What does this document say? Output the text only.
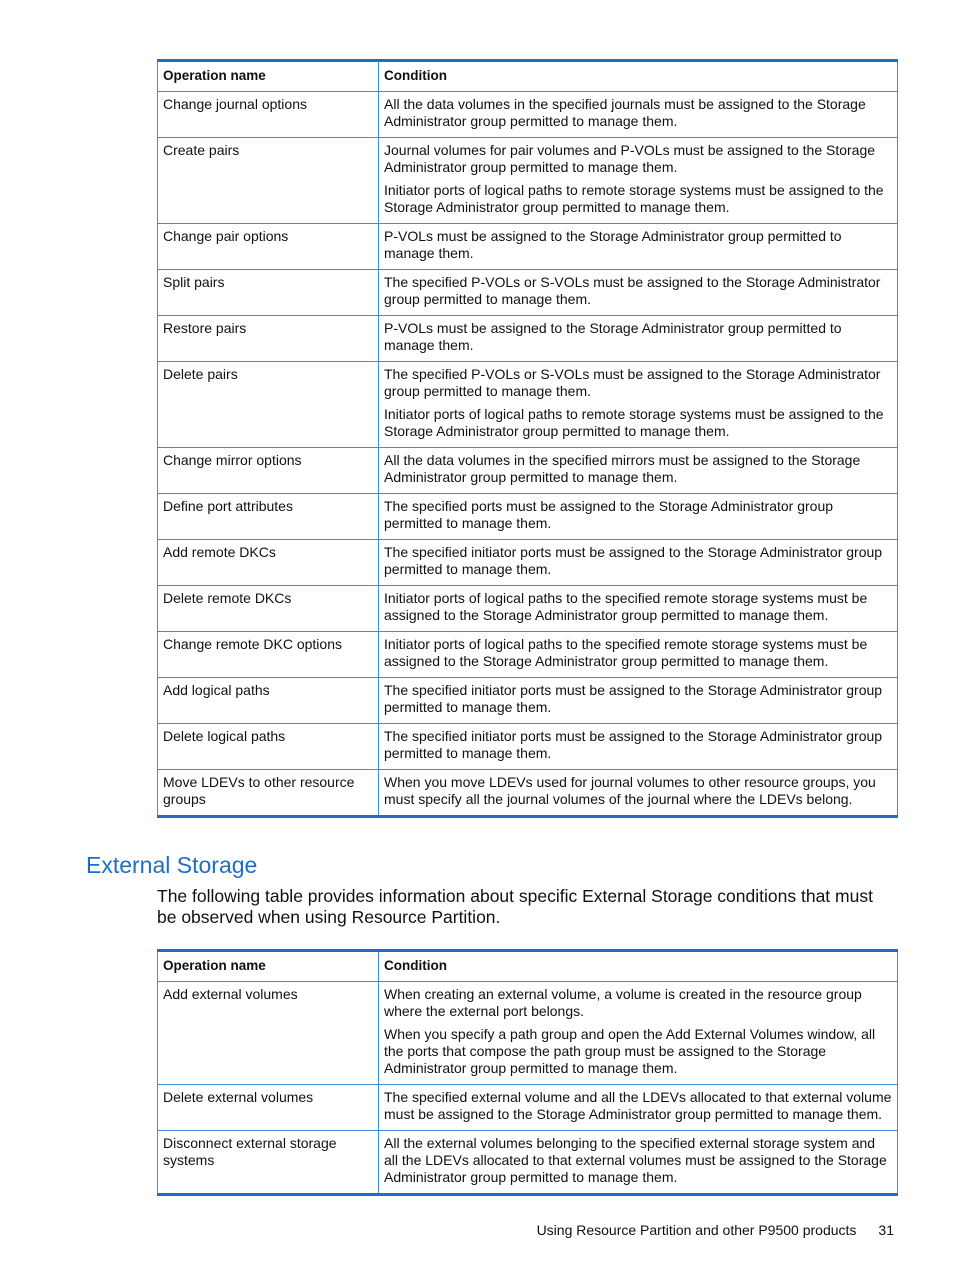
Operation name	Condition
Change journal options	All the data volumes in the specified journals must be assigned to the Storage Administrator group permitted to manage them.

Create pairs	Journal volumes for pair volumes and P-VOLs must be assigned to the Storage Administrator group permitted to manage them.

Initiator ports of logical paths to remote storage systems must be assigned to the Storage Administrator group permitted to manage them.

Change pair options	P-VOLs must be assigned to the Storage Administrator group permitted to manage them.

Split pairs	The specified P-VOLs or S-VOLs must be assigned to the Storage Administrator group permitted to manage them.

Restore pairs	P-VOLs must be assigned to the Storage Administrator group permitted to manage them.

Delete pairs	The specified P-VOLs or S-VOLs must be assigned to the Storage Administrator group permitted to manage them.

Initiator ports of logical paths to remote storage systems must be assigned to the Storage Administrator group permitted to manage them.

Change mirror options	All the data volumes in the specified mirrors must be assigned to the Storage Administrator group permitted to manage them.

Define port attributes	The specified ports must be assigned to the Storage Administrator group permitted to manage them.

Add remote DKCs	The specified initiator ports must be assigned to the Storage Administrator group permitted to manage them.

Delete remote DKCs	Initiator ports of logical paths to the specified remote storage systems must be assigned to the Storage Administrator group permitted to manage them.

Change remote DKC options	Initiator ports of logical paths to the specified remote storage systems must be assigned to the Storage Administrator group permitted to manage them.

Add logical paths	The specified initiator ports must be assigned to the Storage Administrator group permitted to manage them.

Delete logical paths	The specified initiator ports must be assigned to the Storage Administrator group permitted to manage them.

Move LDEVs to other resource groups	When you move LDEVs used for journal volumes to other resource groups, you must specify all the journal volumes of the journal where the LDEVs belong.

External Storage

The following table provides information about specific External Storage conditions that must be observed when using Resource Partition.

Operation name	Condition
Add external volumes	When creating an external volume, a volume is created in the resource group where the external port belongs.

When you specify a path group and open the Add External Volumes window, all the ports that compose the path group must be assigned to the Storage Administrator group permitted to manage them.

Delete external volumes	The specified external volume and all the LDEVs allocated to that external volume must be assigned to the Storage Administrator group permitted to manage them.

Disconnect external storage systems	All the external volumes belonging to the specified external storage system and all the LDEVs allocated to that external volumes must be assigned to the Storage Administrator group permitted to manage them.

Using Resource Partition and other P9500 products 31
